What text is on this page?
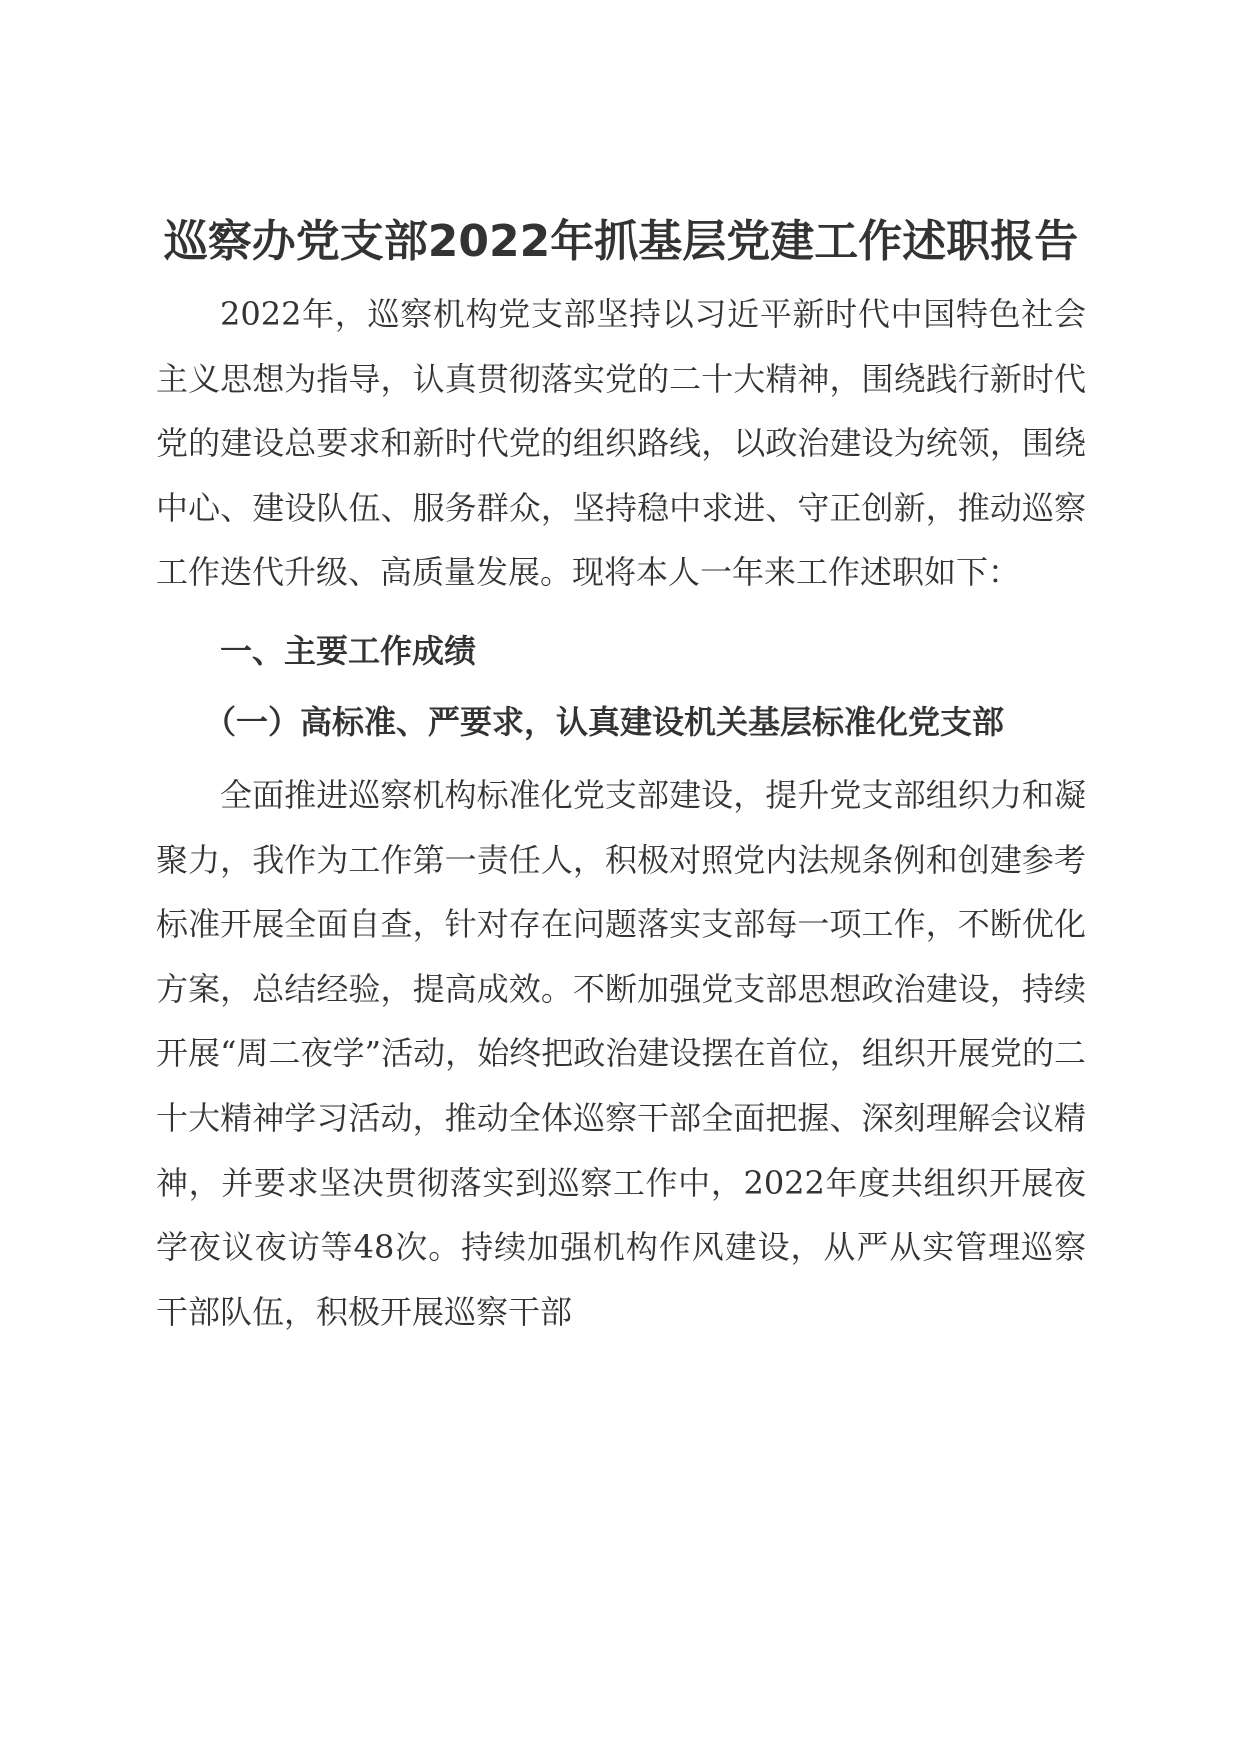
巡察办党支部2022年抓基层党建工作述职报告

2022年，巡察机构党支部坚持以习近平新时代中国特色社会主义思想为指导，认真贯彻落实党的二十大精神，围绕践行新时代党的建设总要求和新时代党的组织路线，以政治建设为统领，围绕中心、建设队伍、服务群众，坚持稳中求进、守正创新，推动巡察工作迭代升级、高质量发展。现将本人一年来工作述职如下：

一、主要工作成绩
（一）高标准、严要求，认真建设机关基层标准化党支部

全面推进巡察机构标准化党支部建设，提升党支部组织力和凝聚力，我作为工作第一责任人，积极对照党内法规条例和创建参考标准开展全面自查，针对存在问题落实支部每一项工作，不断优化方案，总结经验，提高成效。不断加强党支部思想政治建设，持续开展“周二夜学”活动，始终把政治建设摆在首位，组织开展党的二十大精神学习活动，推动全体巡察干部全面把握、深刻理解会议精神，并要求坚决贯彻落实到巡察工作中，2022年度共组织开展夜学夜议夜访等48次。持续加强机构作风建设，从严从实管理巡察干部队伍，积极开展巡察干部
